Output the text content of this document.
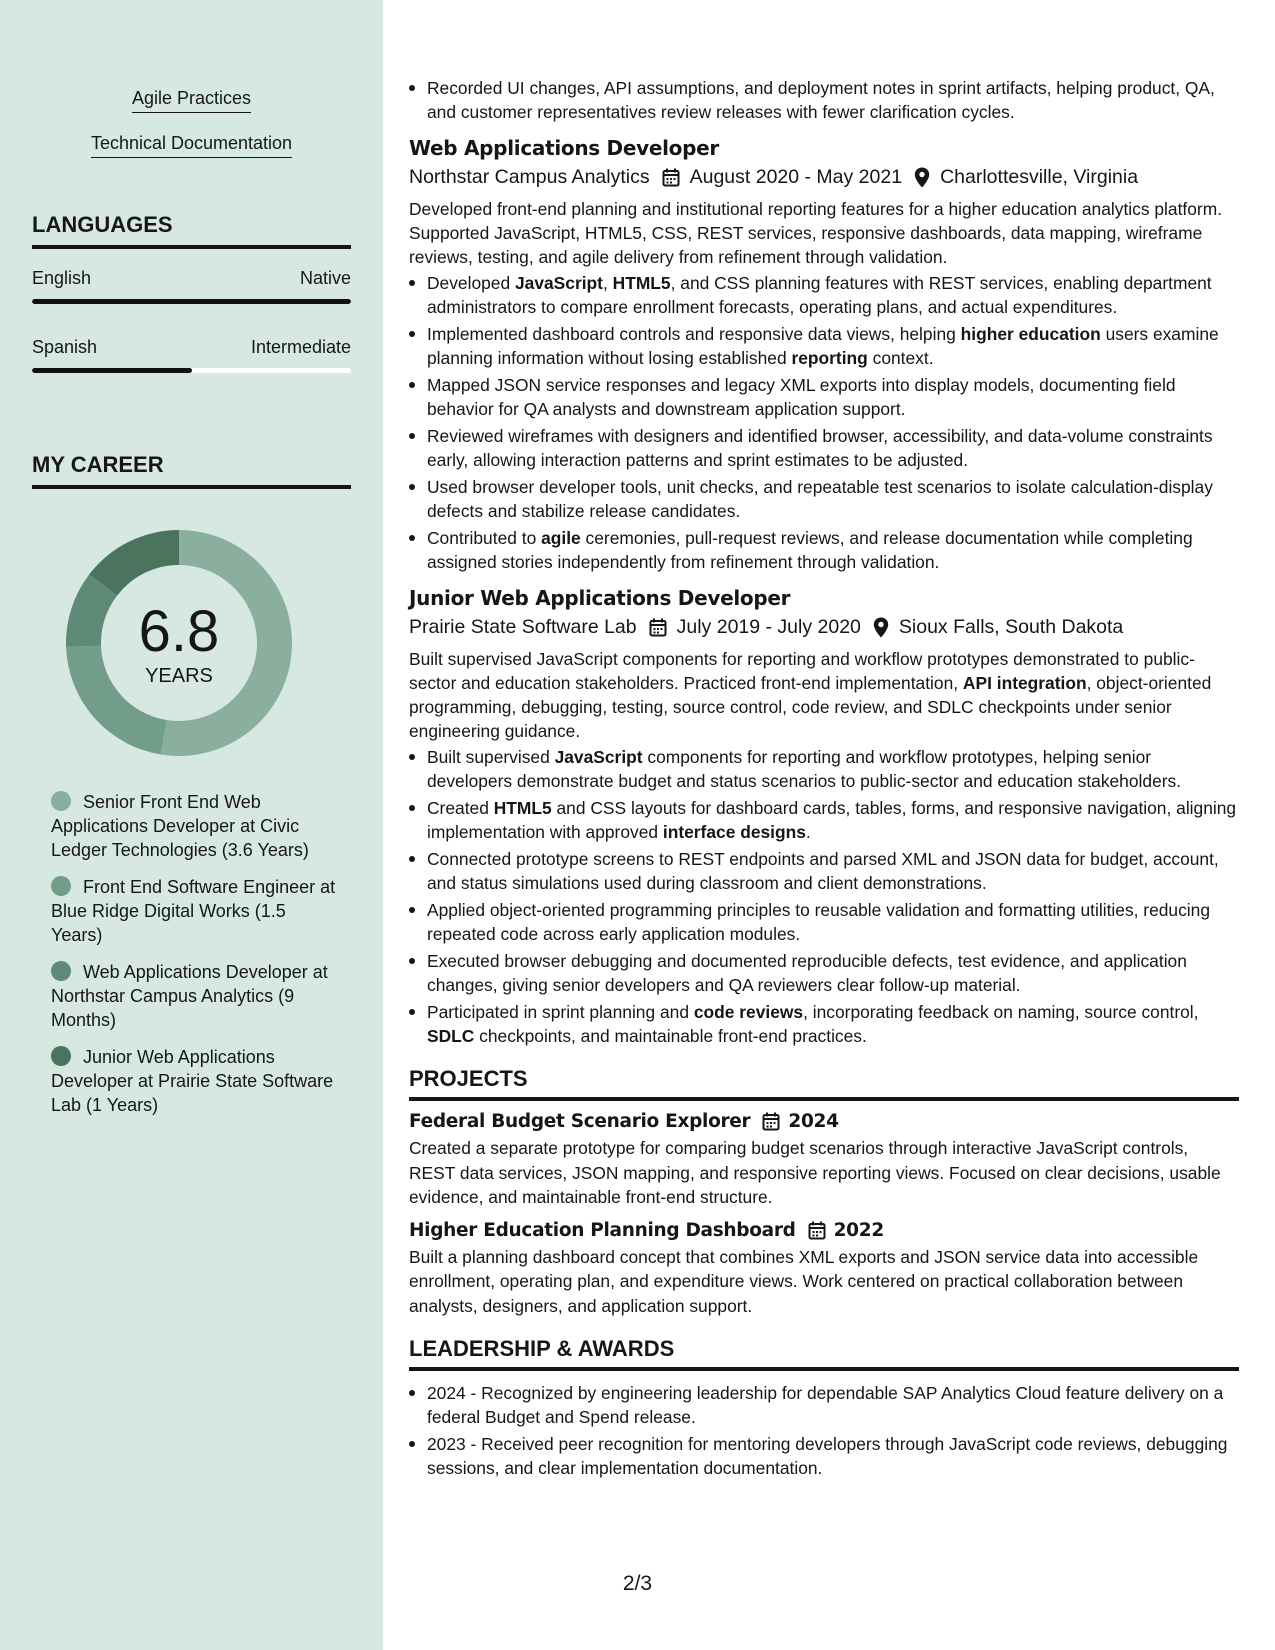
Agile Practices
Technical Documentation
LANGUAGES
English	Native
Spanish	Intermediate
MY CAREER
6.8
YEARS
Senior Front End Web Applications Developer at Civic Ledger Technologies (3.6 Years)
Front End Software Engineer at Blue Ridge Digital Works (1.5 Years)
Web Applications Developer at Northstar Campus Analytics (9 Months)
Junior Web Applications Developer at Prairie State Software Lab (1 Years)
Recorded UI changes, API assumptions, and deployment notes in sprint artifacts, helping product, QA, and customer representatives review releases with fewer clarification cycles.
Web Applications Developer
Northstar Campus Analytics August 2020 - May 2021 Charlottesville, Virginia
Developed front-end planning and institutional reporting features for a higher education analytics platform. Supported JavaScript, HTML5, CSS, REST services, responsive dashboards, data mapping, wireframe reviews, testing, and agile delivery from refinement through validation.
Developed JavaScript, HTML5, and CSS planning features with REST services, enabling department administrators to compare enrollment forecasts, operating plans, and actual expenditures.
Implemented dashboard controls and responsive data views, helping higher education users examine planning information without losing established reporting context.
Mapped JSON service responses and legacy XML exports into display models, documenting field behavior for QA analysts and downstream application support.
Reviewed wireframes with designers and identified browser, accessibility, and data-volume constraints early, allowing interaction patterns and sprint estimates to be adjusted.
Used browser developer tools, unit checks, and repeatable test scenarios to isolate calculation-display defects and stabilize release candidates.
Contributed to agile ceremonies, pull-request reviews, and release documentation while completing assigned stories independently from refinement through validation.
Junior Web Applications Developer
Prairie State Software Lab July 2019 - July 2020 Sioux Falls, South Dakota
Built supervised JavaScript components for reporting and workflow prototypes demonstrated to public-sector and education stakeholders. Practiced front-end implementation, API integration, object-oriented programming, debugging, testing, source control, code review, and SDLC checkpoints under senior engineering guidance.
Built supervised JavaScript components for reporting and workflow prototypes, helping senior developers demonstrate budget and status scenarios to public-sector and education stakeholders.
Created HTML5 and CSS layouts for dashboard cards, tables, forms, and responsive navigation, aligning implementation with approved interface designs.
Connected prototype screens to REST endpoints and parsed XML and JSON data for budget, account, and status simulations used during classroom and client demonstrations.
Applied object-oriented programming principles to reusable validation and formatting utilities, reducing repeated code across early application modules.
Executed browser debugging and documented reproducible defects, test evidence, and application changes, giving senior developers and QA reviewers clear follow-up material.
Participated in sprint planning and code reviews, incorporating feedback on naming, source control, SDLC checkpoints, and maintainable front-end practices.
PROJECTS
Federal Budget Scenario Explorer 2024
Created a separate prototype for comparing budget scenarios through interactive JavaScript controls, REST data services, JSON mapping, and responsive reporting views. Focused on clear decisions, usable evidence, and maintainable front-end structure.
Higher Education Planning Dashboard 2022
Built a planning dashboard concept that combines XML exports and JSON service data into accessible enrollment, operating plan, and expenditure views. Work centered on practical collaboration between analysts, designers, and application support.
LEADERSHIP & AWARDS
2024 - Recognized by engineering leadership for dependable SAP Analytics Cloud feature delivery on a federal Budget and Spend release.
2023 - Received peer recognition for mentoring developers through JavaScript code reviews, debugging sessions, and clear implementation documentation.
2/3
